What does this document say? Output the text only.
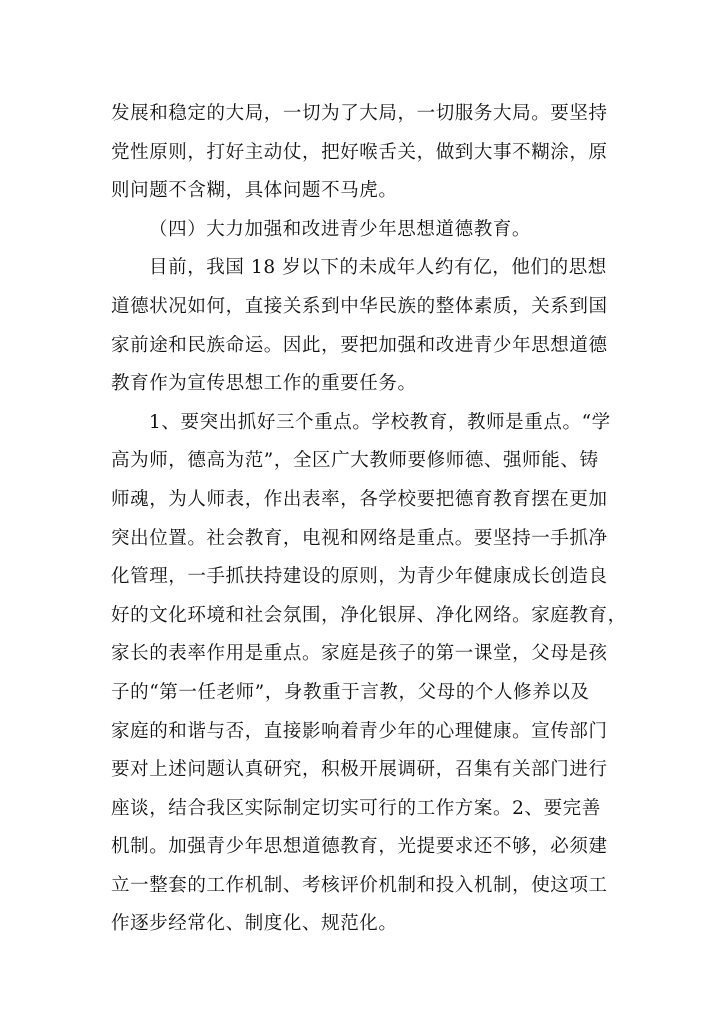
发展和稳定的大局，一切为了大局，一切服务大局。要坚持
党性原则，打好主动仗，把好喉舌关，做到大事不糊涂，原
则问题不含糊，具体问题不马虎。
（四）大力加强和改进青少年思想道德教育。
目前，我国 18 岁以下的未成年人约有亿，他们的思想
道德状况如何，直接关系到中华民族的整体素质，关系到国
家前途和民族命运。因此，要把加强和改进青少年思想道德
教育作为宣传思想工作的重要任务。
1、要突出抓好三个重点。学校教育，教师是重点。“学
高为师，德高为范”，全区广大教师要修师德、强师能、铸
师魂，为人师表，作出表率，各学校要把德育教育摆在更加
突出位置。社会教育，电视和网络是重点。要坚持一手抓净
化管理，一手抓扶持建设的原则，为青少年健康成长创造良
好的文化环境和社会氛围，净化银屏、净化网络。家庭教育，
家长的表率作用是重点。家庭是孩子的第一课堂，父母是孩
子的“第一任老师”，身教重于言教，父母的个人修养以及
家庭的和谐与否，直接影响着青少年的心理健康。宣传部门
要对上述问题认真研究，积极开展调研，召集有关部门进行
座谈，结合我区实际制定切实可行的工作方案。2、要完善
机制。加强青少年思想道德教育，光提要求还不够，必须建
立一整套的工作机制、考核评价机制和投入机制，使这项工
作逐步经常化、制度化、规范化。
